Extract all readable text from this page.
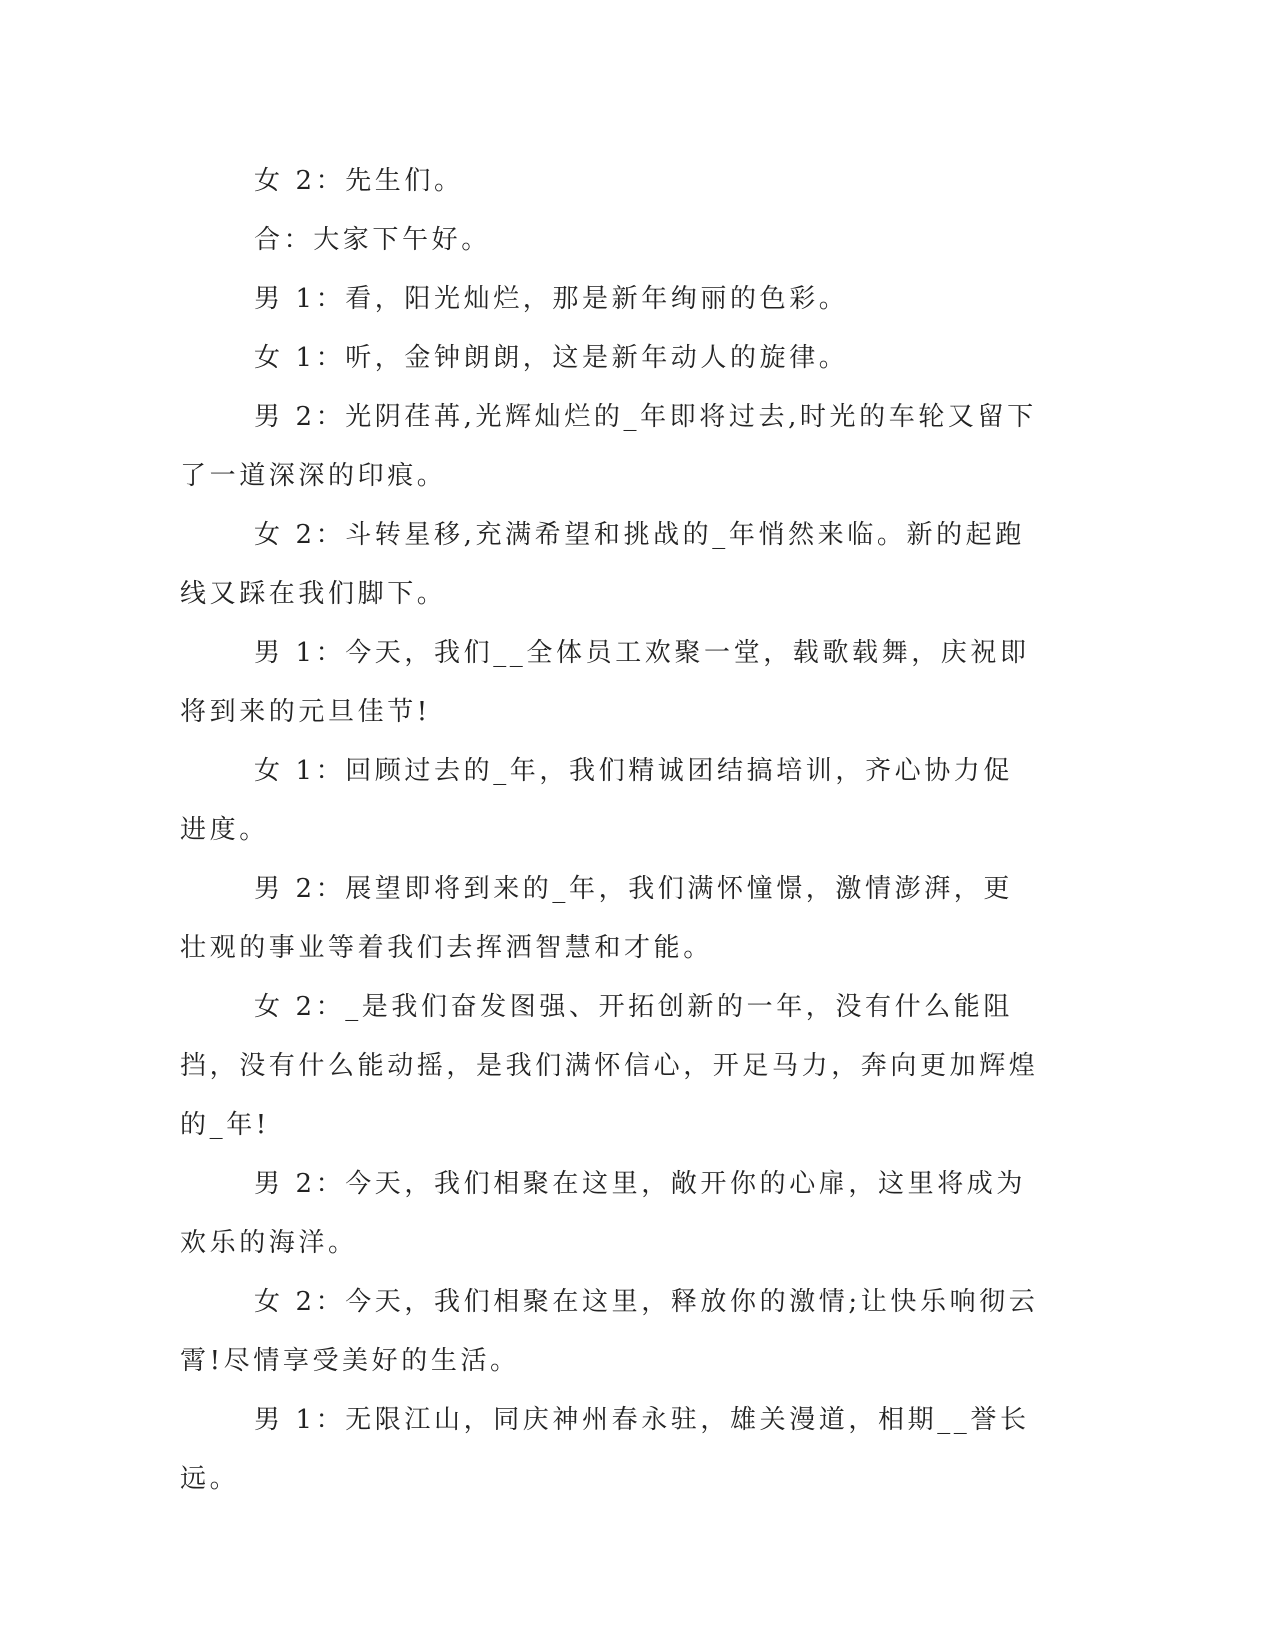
女 2：先生们。

合：大家下午好。

男 1：看，阳光灿烂，那是新年绚丽的色彩。

女 1：听，金钟朗朗，这是新年动人的旋律。

男 2：光阴荏苒,光辉灿烂的_年即将过去,时光的车轮又留下了一道深深的印痕。

女 2：斗转星移,充满希望和挑战的_年悄然来临。新的起跑线又踩在我们脚下。

男 1：今天，我们__全体员工欢聚一堂，载歌载舞，庆祝即将到来的元旦佳节!

女 1：回顾过去的_年，我们精诚团结搞培训，齐心协力促进度。

男 2：展望即将到来的_年，我们满怀憧憬，激情澎湃，更壮观的事业等着我们去挥洒智慧和才能。

女 2：_是我们奋发图强、开拓创新的一年，没有什么能阻挡，没有什么能动摇，是我们满怀信心，开足马力，奔向更加辉煌的_年!

男 2：今天，我们相聚在这里，敞开你的心扉，这里将成为欢乐的海洋。

女 2：今天，我们相聚在这里，释放你的激情;让快乐响彻云霄!尽情享受美好的生活。

男 1：无限江山，同庆神州春永驻，雄关漫道，相期__誉长远。
